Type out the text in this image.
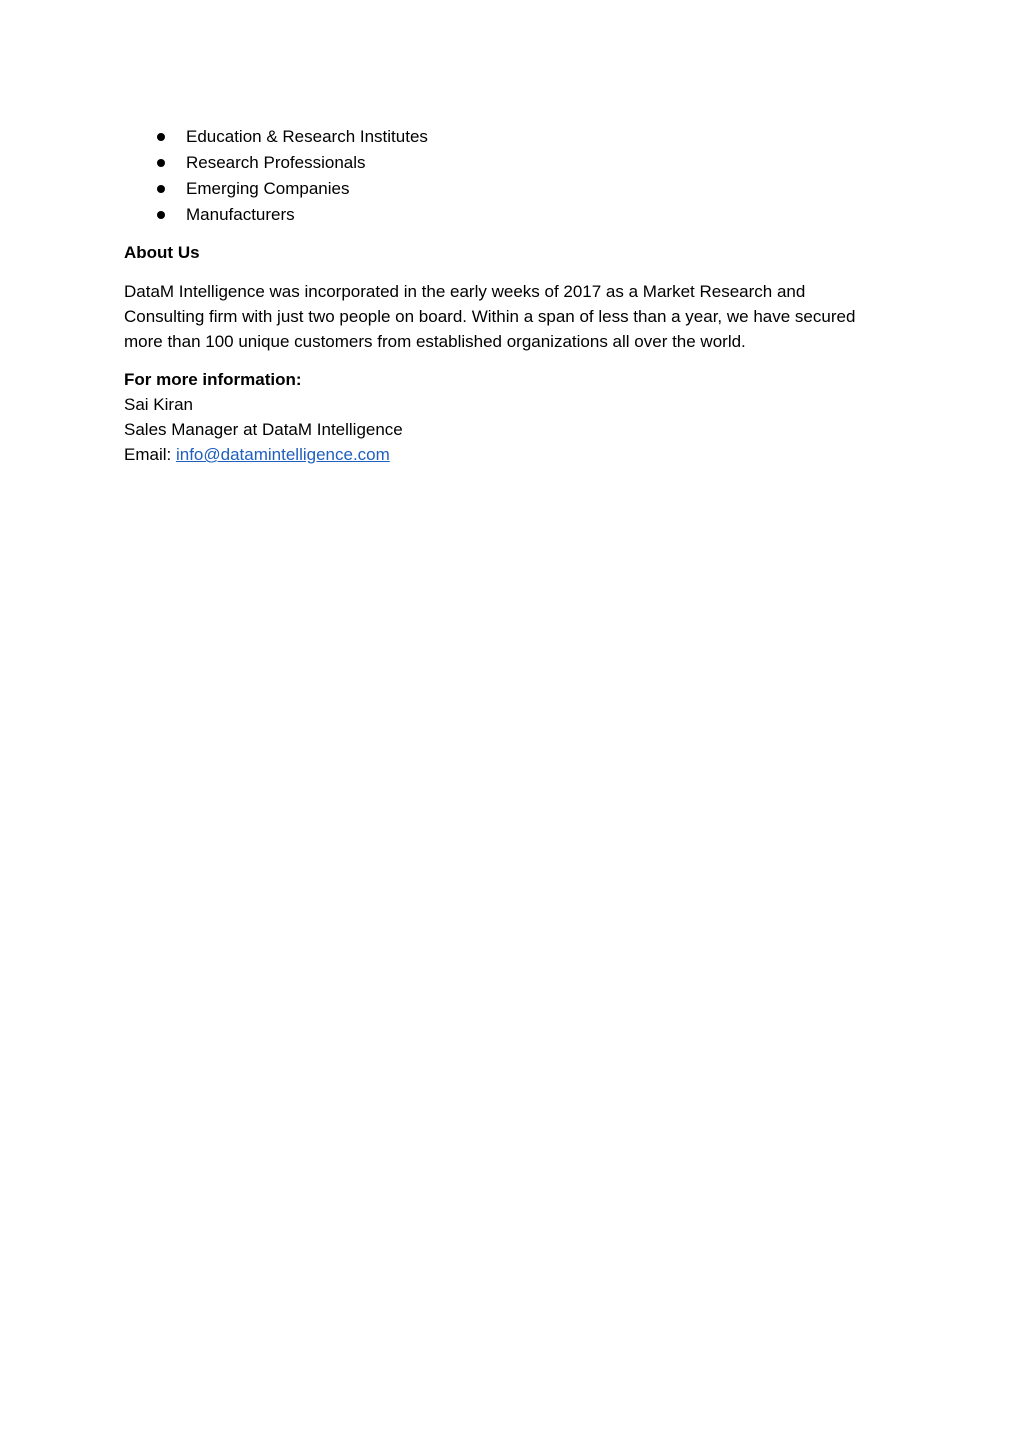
Education & Research Institutes
Research Professionals
Emerging Companies
Manufacturers
About Us
DataM Intelligence was incorporated in the early weeks of 2017 as a Market Research and
Consulting firm with just two people on board. Within a span of less than a year, we have secured
more than 100 unique customers from established organizations all over the world.
For more information:
Sai Kiran
Sales Manager at DataM Intelligence
Email: info@datamintelligence.com
